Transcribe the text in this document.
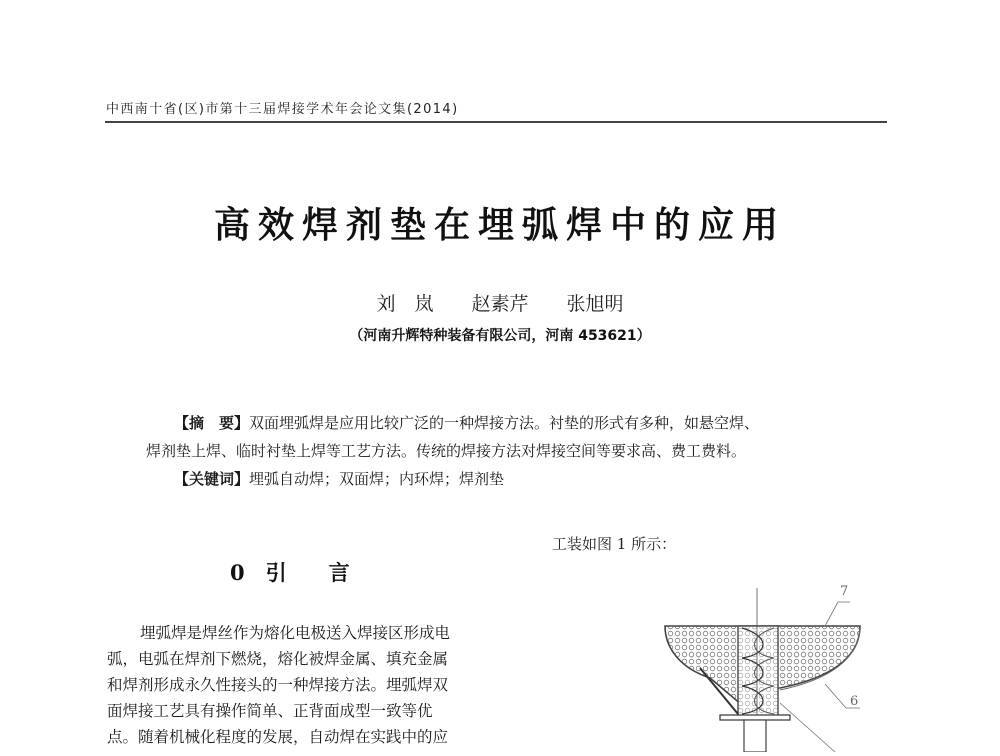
中西南十省(区)市第十三届焊接学术年会论文集(2014)
高效焊剂垫在埋弧焊中的应用
刘　岚　　赵素芹　　张旭明
（河南升辉特种装备有限公司，河南 453621）
【摘　要】双面埋弧焊是应用比较广泛的一种焊接方法。衬垫的形式有多种，如悬空焊、
焊剂垫上焊、临时衬垫上焊等工艺方法。传统的焊接方法对焊接空间等要求高、费工费料。
【关键词】埋弧自动焊；双面焊；内环焊；焊剂垫
0　引　　言
埋弧焊是焊丝作为熔化电极送入焊接区形成电
弧，电弧在焊剂下燃烧，熔化被焊金属、填充金属
和焊剂形成永久性接头的一种焊接方法。埋弧焊双
面焊接工艺具有操作简单、正背面成型一致等优
点。随着机械化程度的发展，自动焊在实践中的应
工装如图 1 所示：
7
6
